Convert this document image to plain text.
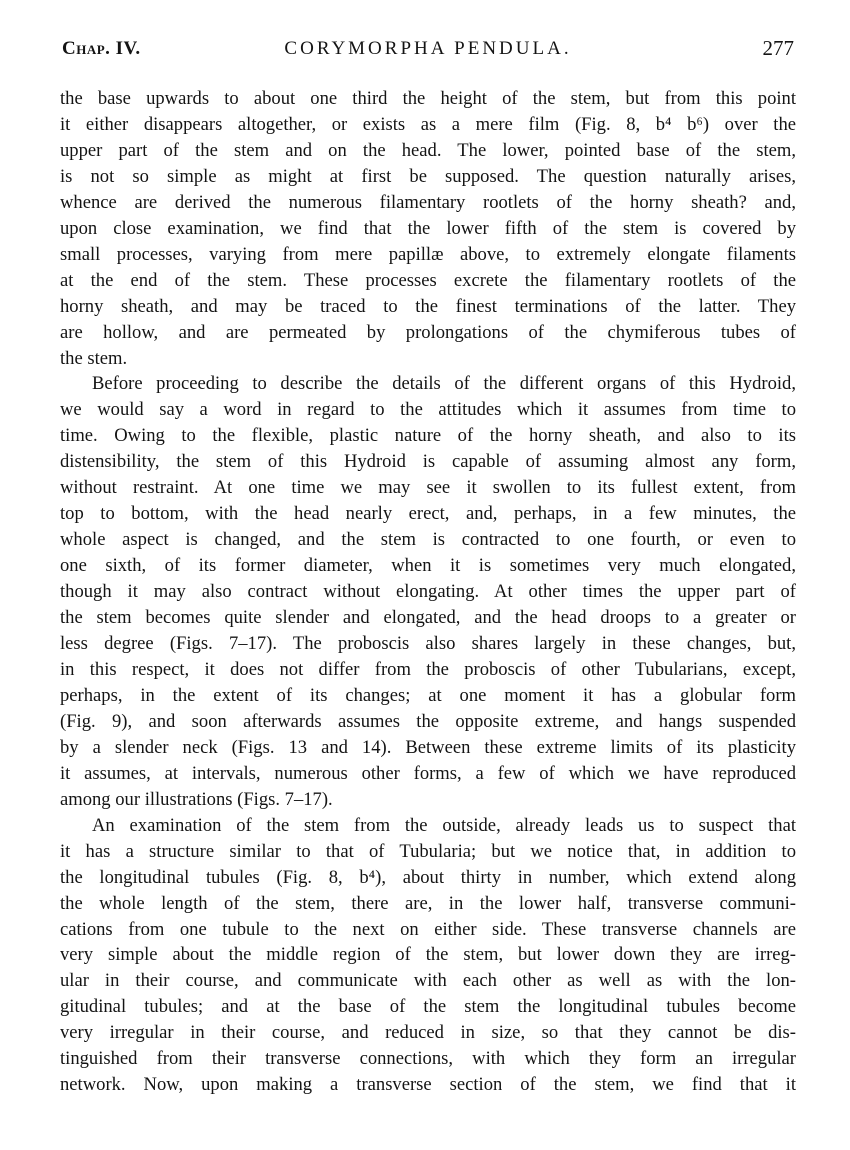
Chap. IV.	CORYMORPHA PENDULA.	277
the base upwards to about one third the height of the stem, but from this point
it either disappears altogether, or exists as a mere film (Fig. 8, b⁴ b⁶) over the
upper part of the stem and on the head. The lower, pointed base of the stem,
is not so simple as might at first be supposed. The question naturally arises,
whence are derived the numerous filamentary rootlets of the horny sheath? and,
upon close examination, we find that the lower fifth of the stem is covered by
small processes, varying from mere papillæ above, to extremely elongate filaments
at the end of the stem. These processes excrete the filamentary rootlets of the
horny sheath, and may be traced to the finest terminations of the latter. They
are hollow, and are permeated by prolongations of the chymiferous tubes of
the stem.
Before proceeding to describe the details of the different organs of this Hydroid,
we would say a word in regard to the attitudes which it assumes from time to
time. Owing to the flexible, plastic nature of the horny sheath, and also to its
distensibility, the stem of this Hydroid is capable of assuming almost any form,
without restraint. At one time we may see it swollen to its fullest extent, from
top to bottom, with the head nearly erect, and, perhaps, in a few minutes, the
whole aspect is changed, and the stem is contracted to one fourth, or even to
one sixth, of its former diameter, when it is sometimes very much elongated,
though it may also contract without elongating. At other times the upper part of
the stem becomes quite slender and elongated, and the head droops to a greater or
less degree (Figs. 7–17). The proboscis also shares largely in these changes, but,
in this respect, it does not differ from the proboscis of other Tubularians, except,
perhaps, in the extent of its changes; at one moment it has a globular form
(Fig. 9), and soon afterwards assumes the opposite extreme, and hangs suspended
by a slender neck (Figs. 13 and 14). Between these extreme limits of its plasticity
it assumes, at intervals, numerous other forms, a few of which we have reproduced
among our illustrations (Figs. 7–17).
An examination of the stem from the outside, already leads us to suspect that
it has a structure similar to that of Tubularia; but we notice that, in addition to
the longitudinal tubules (Fig. 8, b⁴), about thirty in number, which extend along
the whole length of the stem, there are, in the lower half, transverse communi-
cations from one tubule to the next on either side. These transverse channels are
very simple about the middle region of the stem, but lower down they are irreg-
ular in their course, and communicate with each other as well as with the lon-
gitudinal tubules; and at the base of the stem the longitudinal tubules become
very irregular in their course, and reduced in size, so that they cannot be dis-
tinguished from their transverse connections, with which they form an irregular
network. Now, upon making a transverse section of the stem, we find that it
